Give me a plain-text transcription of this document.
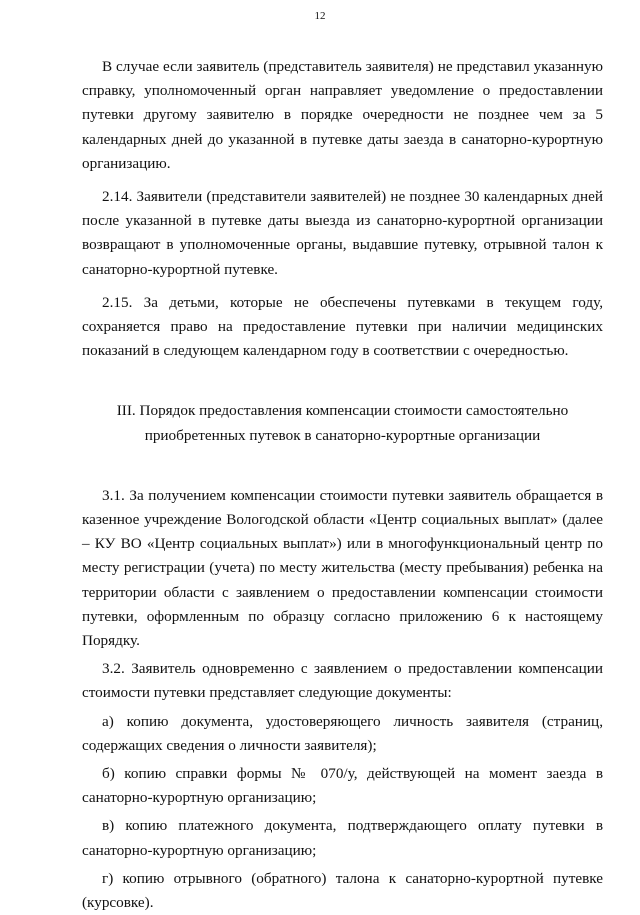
12

В случае если заявитель (представитель заявителя) не представил указанную справку, уполномоченный орган направляет уведомление о предоставлении путевки другому заявителю в порядке очередности не позднее чем за 5 календарных дней до указанной в путевке даты заезда в санаторно-курортную организацию.

2.14. Заявители (представители заявителей) не позднее 30 календарных дней после указанной в путевке даты выезда из санаторно-курортной организации возвращают в уполномоченные органы, выдавшие путевку, отрывной талон к санаторно-курортной путевке.

2.15. За детьми, которые не обеспечены путевками в текущем году, сохраняется право на предоставление путевки при наличии медицинских показаний в следующем календарном году в соответствии с очередностью.

III. Порядок предоставления компенсации стоимости самостоятельно приобретенных путевок в санаторно-курортные организации

3.1. За получением компенсации стоимости путевки заявитель обращается в казенное учреждение Вологодской области «Центр социальных выплат» (далее – КУ ВО «Центр социальных выплат») или в многофункциональный центр по месту регистрации (учета) по месту жительства (месту пребывания) ребенка на территории области с заявлением о предоставлении компенсации стоимости путевки, оформленным по образцу согласно приложению 6 к настоящему Порядку.

3.2. Заявитель одновременно с заявлением о предоставлении компенсации стоимости путевки представляет следующие документы:

а) копию документа, удостоверяющего личность заявителя (страниц, содержащих сведения о личности заявителя);

б) копию справки формы № 070/у, действующей на момент заезда в санаторно-курортную организацию;

в) копию платежного документа, подтверждающего оплату путевки в санаторно-курортную организацию;

г) копию отрывного (обратного) талона к санаторно-курортной путевке (курсовке).
